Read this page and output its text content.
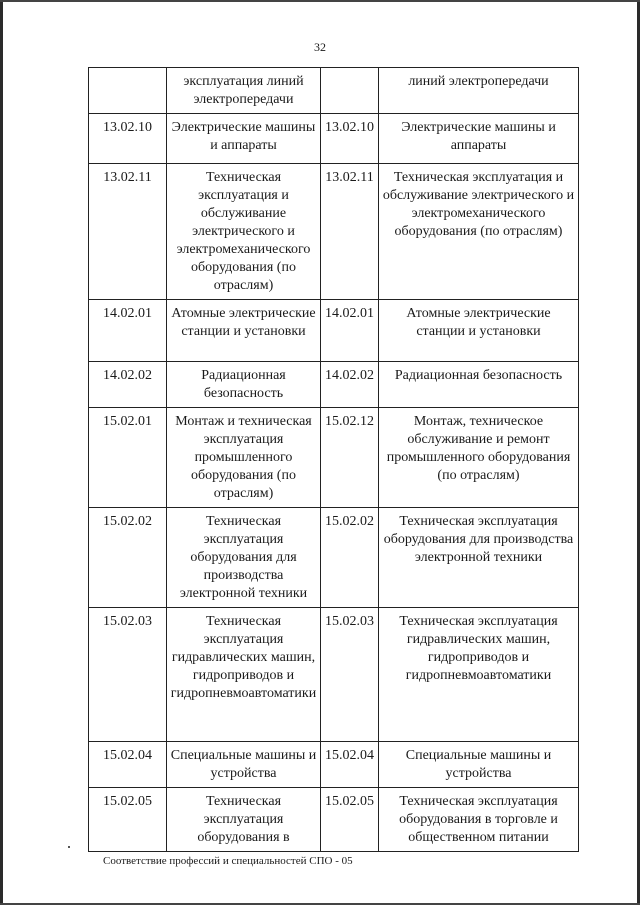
32
	эксплуатация линий электропередачи		линий электропередачи
13.02.10	Электрические машины и аппараты	13.02.10	Электрические машины и аппараты
13.02.11	Техническая эксплуатация и обслуживание электрического и электромеханического оборудования (по отраслям)	13.02.11	Техническая эксплуатация и обслуживание электрического и электромеханического оборудования (по отраслям)
14.02.01	Атомные электрические станции и установки	14.02.01	Атомные электрические станции и установки
14.02.02	Радиационная безопасность	14.02.02	Радиационная безопасность
15.02.01	Монтаж и техническая эксплуатация промышленного оборудования (по отраслям)	15.02.12	Монтаж, техническое обслуживание и ремонт промышленного оборудования (по отраслям)
15.02.02	Техническая эксплуатация оборудования для производства электронной техники	15.02.02	Техническая эксплуатация оборудования для производства электронной техники
15.02.03	Техническая эксплуатация гидравлических машин, гидроприводов и гидропневмоавтоматики	15.02.03	Техническая эксплуатация гидравлических машин, гидроприводов и гидропневмоавтоматики
15.02.04	Специальные машины и устройства	15.02.04	Специальные машины и устройства
15.02.05	Техническая эксплуатация оборудования в	15.02.05	Техническая эксплуатация оборудования в торговле и общественном питании
Соответствие профессий и специальностей СПО - 05
